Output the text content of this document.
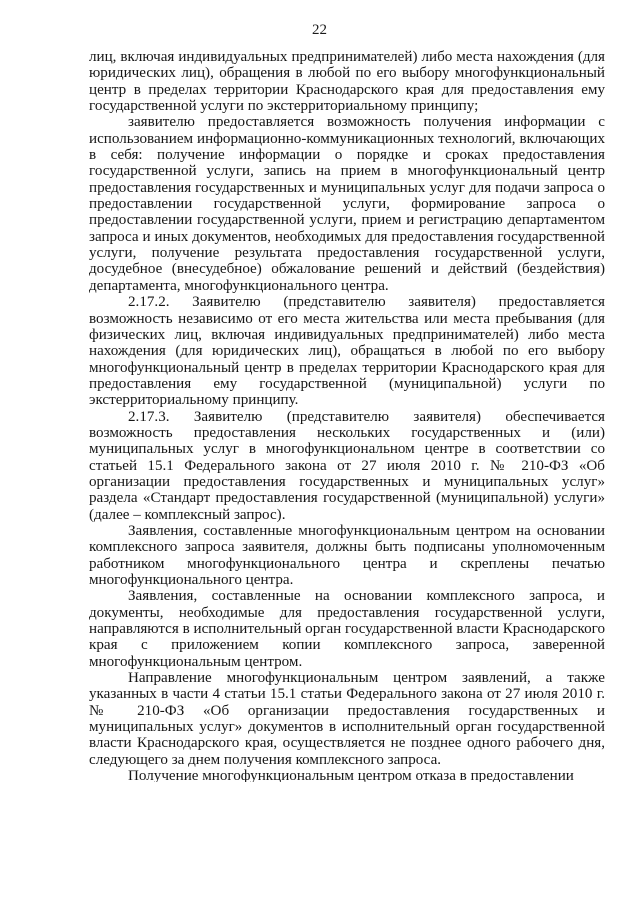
22

лиц, включая индивидуальных предпринимателей) либо места нахождения (для юридических лиц), обращения в любой по его выбору многофункциональный центр в пределах территории Краснодарского края для предоставления ему государственной услуги по экстерриториальному принципу;

заявителю предоставляется возможность получения информации с использованием информационно-коммуникационных технологий, включающих в себя: получение информации о порядке и сроках предоставления государственной услуги, запись на прием в многофункциональный центр предоставления государственных и муниципальных услуг для подачи запроса о предоставлении государственной услуги, формирование запроса о предоставлении государственной услуги, прием и регистрацию департаментом запроса и иных документов, необходимых для предоставления государственной услуги, получение результата предоставления государственной услуги, досудебное (внесудебное) обжалование решений и действий (бездействия) департамента, многофункционального центра.

2.17.2. Заявителю (представителю заявителя) предоставляется возможность независимо от его места жительства или места пребывания (для физических лиц, включая индивидуальных предпринимателей) либо места нахождения (для юридических лиц), обращаться в любой по его выбору многофункциональный центр в пределах территории Краснодарского края для предоставления ему государственной (муниципальной) услуги по экстерриториальному принципу.

2.17.3. Заявителю (представителю заявителя) обеспечивается возможность предоставления нескольких государственных и (или) муниципальных услуг в многофункциональном центре в соответствии со статьей 15.1 Федерального закона от 27 июля 2010 г. № 210-ФЗ «Об организации предоставления государственных и муниципальных услуг» раздела «Стандарт предоставления государственной (муниципальной) услуги» (далее – комплексный запрос).

Заявления, составленные многофункциональным центром на основании комплексного запроса заявителя, должны быть подписаны уполномоченным работником многофункционального центра и скреплены печатью многофункционального центра.

Заявления, составленные на основании комплексного запроса, и документы, необходимые для предоставления государственной услуги, направляются в исполнительный орган государственной власти Краснодарского края с приложением копии комплексного запроса, заверенной многофункциональным центром.

Направление многофункциональным центром заявлений, а также указанных в части 4 статьи 15.1 статьи Федерального закона от 27 июля 2010 г. № 210-ФЗ «Об организации предоставления государственных и муниципальных услуг» документов в исполнительный орган государственной власти Краснодарского края, осуществляется не позднее одного рабочего дня, следующего за днем получения комплексного запроса.

Получение многофункциональным центром отказа в предоставлении
